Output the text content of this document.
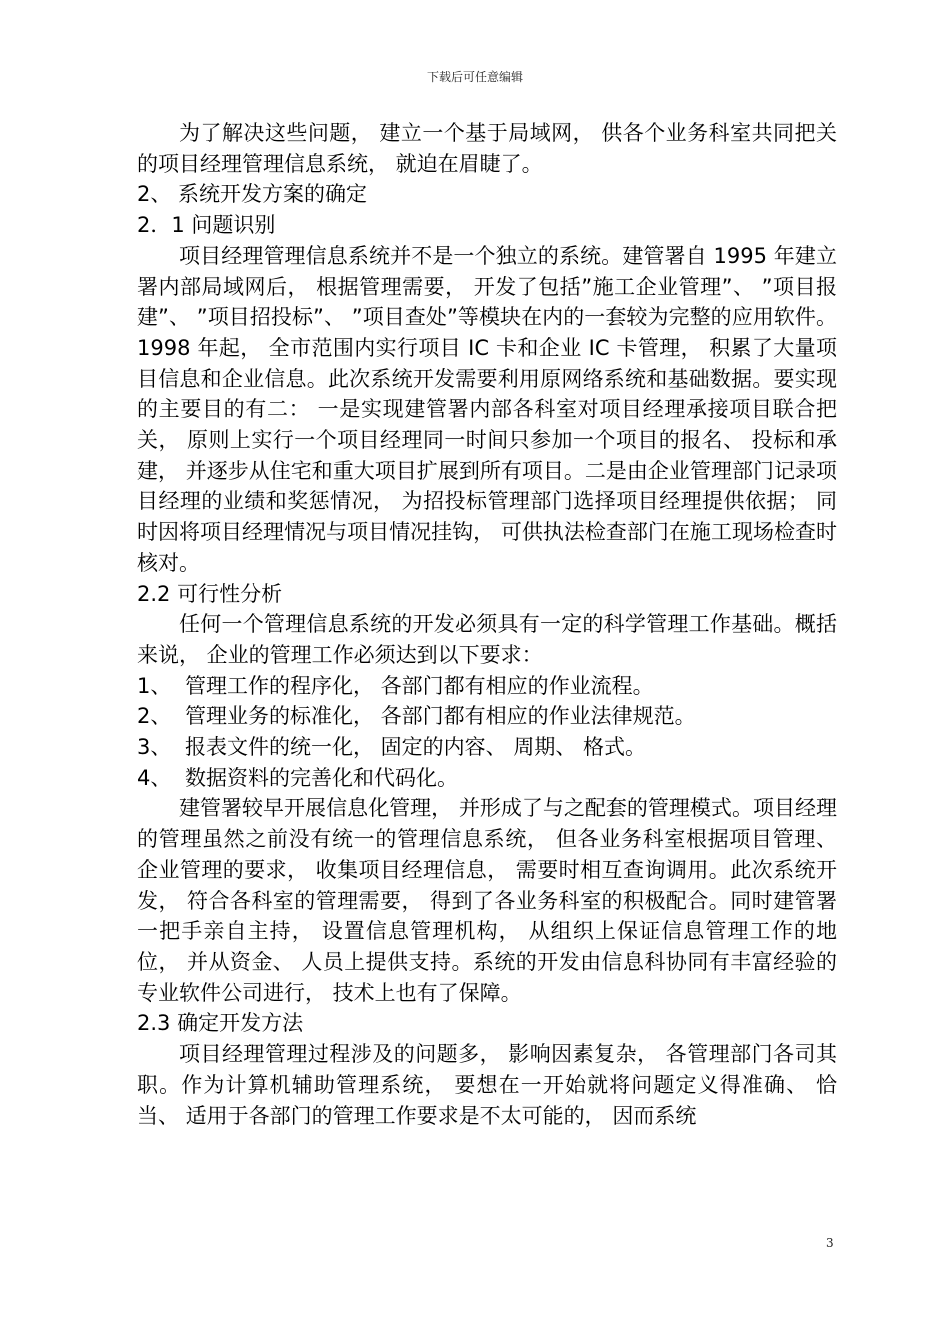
下载后可任意编辑

为了解决这些问题， 建立一个基于局域网， 供各个业务科室共同把关的项目经理管理信息系统， 就迫在眉睫了。

2、 系统开发方案的确定
2．1 问题识别

项目经理管理信息系统并不是一个独立的系统。建管署自 1995 年建立署内部局域网后， 根据管理需要， 开发了包括”施工企业管理”、 ”项目报建”、 ”项目招投标”、 ”项目查处”等模块在内的一套较为完整的应用软件。1998 年起， 全市范围内实行项目 IC 卡和企业 IC 卡管理， 积累了大量项目信息和企业信息。此次系统开发需要利用原网络系统和基础数据。要实现的主要目的有二： 一是实现建管署内部各科室对项目经理承接项目联合把关， 原则上实行一个项目经理同一时间只参加一个项目的报名、 投标和承建， 并逐步从住宅和重大项目扩展到所有项目。二是由企业管理部门记录项目经理的业绩和奖惩情况， 为招投标管理部门选择项目经理提供依据； 同时因将项目经理情况与项目情况挂钩， 可供执法检查部门在施工现场检查时核对。

2.2 可行性分析

任何一个管理信息系统的开发必须具有一定的科学管理工作基础。概括来说， 企业的管理工作必须达到以下要求：

1、 管理工作的程序化， 各部门都有相应的作业流程。

2、 管理业务的标准化， 各部门都有相应的作业法律规范。

3、 报表文件的统一化， 固定的内容、 周期、 格式。

4、 数据资料的完善化和代码化。

建管署较早开展信息化管理， 并形成了与之配套的管理模式。项目经理的管理虽然之前没有统一的管理信息系统， 但各业务科室根据项目管理、 企业管理的要求， 收集项目经理信息， 需要时相互查询调用。此次系统开发， 符合各科室的管理需要， 得到了各业务科室的积极配合。同时建管署一把手亲自主持， 设置信息管理机构， 从组织上保证信息管理工作的地位， 并从资金、 人员上提供支持。系统的开发由信息科协同有丰富经验的专业软件公司进行， 技术上也有了保障。

2.3 确定开发方法

项目经理管理过程涉及的问题多， 影响因素复杂， 各管理部门各司其职。作为计算机辅助管理系统， 要想在一开始就将问题定义得准确、 恰当、 适用于各部门的管理工作要求是不太可能的， 因而系统

3
